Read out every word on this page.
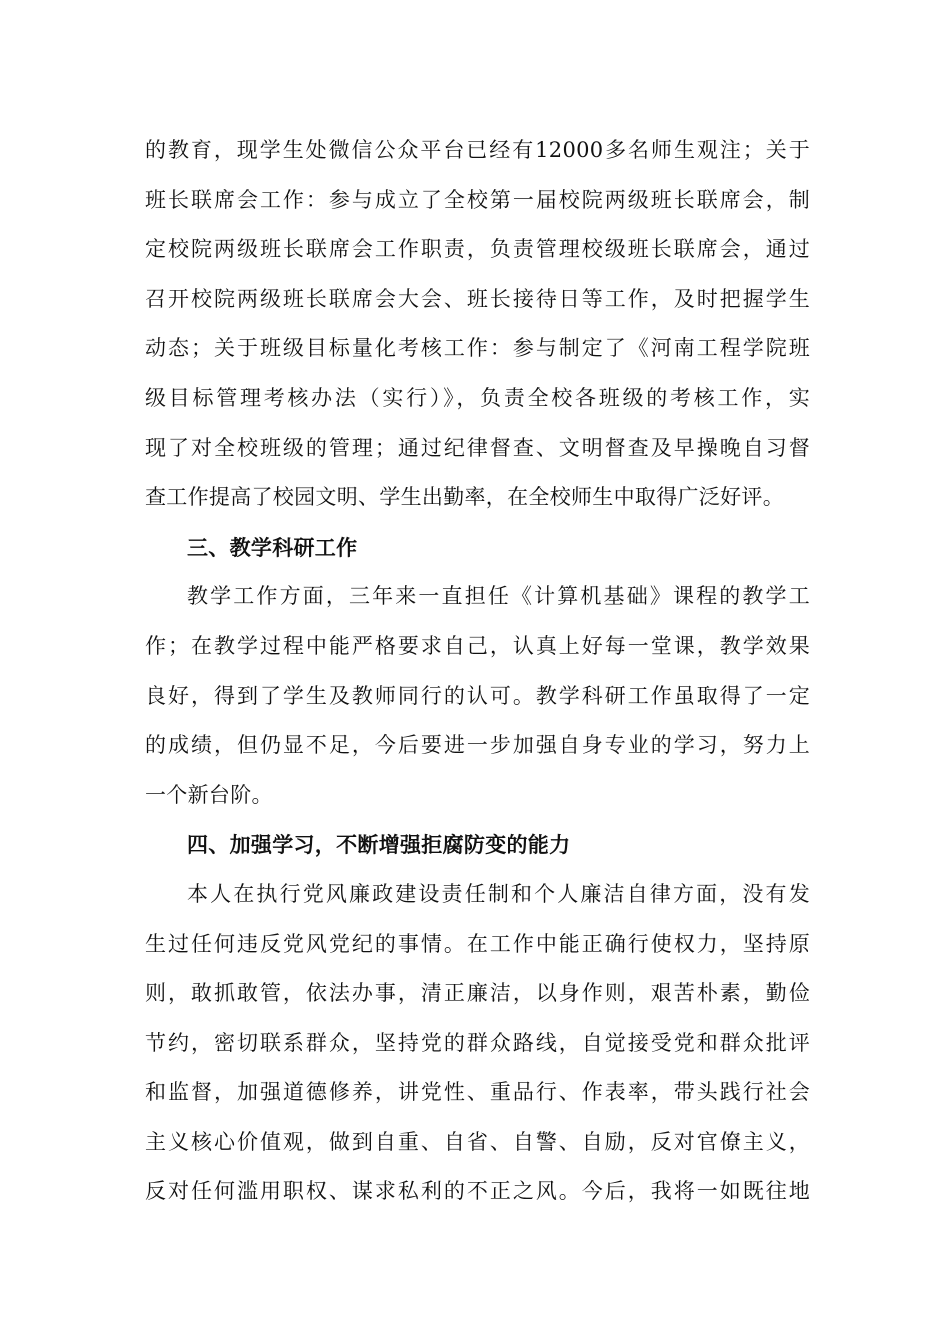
的教育，现学生处微信公众平台已经有12000多名师生观注；关于
班长联席会工作：参与成立了全校第一届校院两级班长联席会，制
定校院两级班长联席会工作职责，负责管理校级班长联席会，通过
召开校院两级班长联席会大会、班长接待日等工作，及时把握学生
动态；关于班级目标量化考核工作：参与制定了《河南工程学院班
级目标管理考核办法（实行）》，负责全校各班级的考核工作，实
现了对全校班级的管理；通过纪律督查、文明督查及早操晚自习督
查工作提高了校园文明、学生出勤率，在全校师生中取得广泛好评。
三、教学科研工作
教学工作方面，三年来一直担任《计算机基础》课程的教学工
作；在教学过程中能严格要求自己，认真上好每一堂课，教学效果
良好，得到了学生及教师同行的认可。教学科研工作虽取得了一定
的成绩，但仍显不足，今后要进一步加强自身专业的学习，努力上
一个新台阶。
四、加强学习，不断增强拒腐防变的能力
本人在执行党风廉政建设责任制和个人廉洁自律方面，没有发
生过任何违反党风党纪的事情。在工作中能正确行使权力，坚持原
则，敢抓敢管，依法办事，清正廉洁，以身作则，艰苦朴素，勤俭
节约，密切联系群众，坚持党的群众路线，自觉接受党和群众批评
和监督，加强道德修养，讲党性、重品行、作表率，带头践行社会
主义核心价值观，做到自重、自省、自警、自励，反对官僚主义，
反对任何滥用职权、谋求私利的不正之风。今后，我将一如既往地
